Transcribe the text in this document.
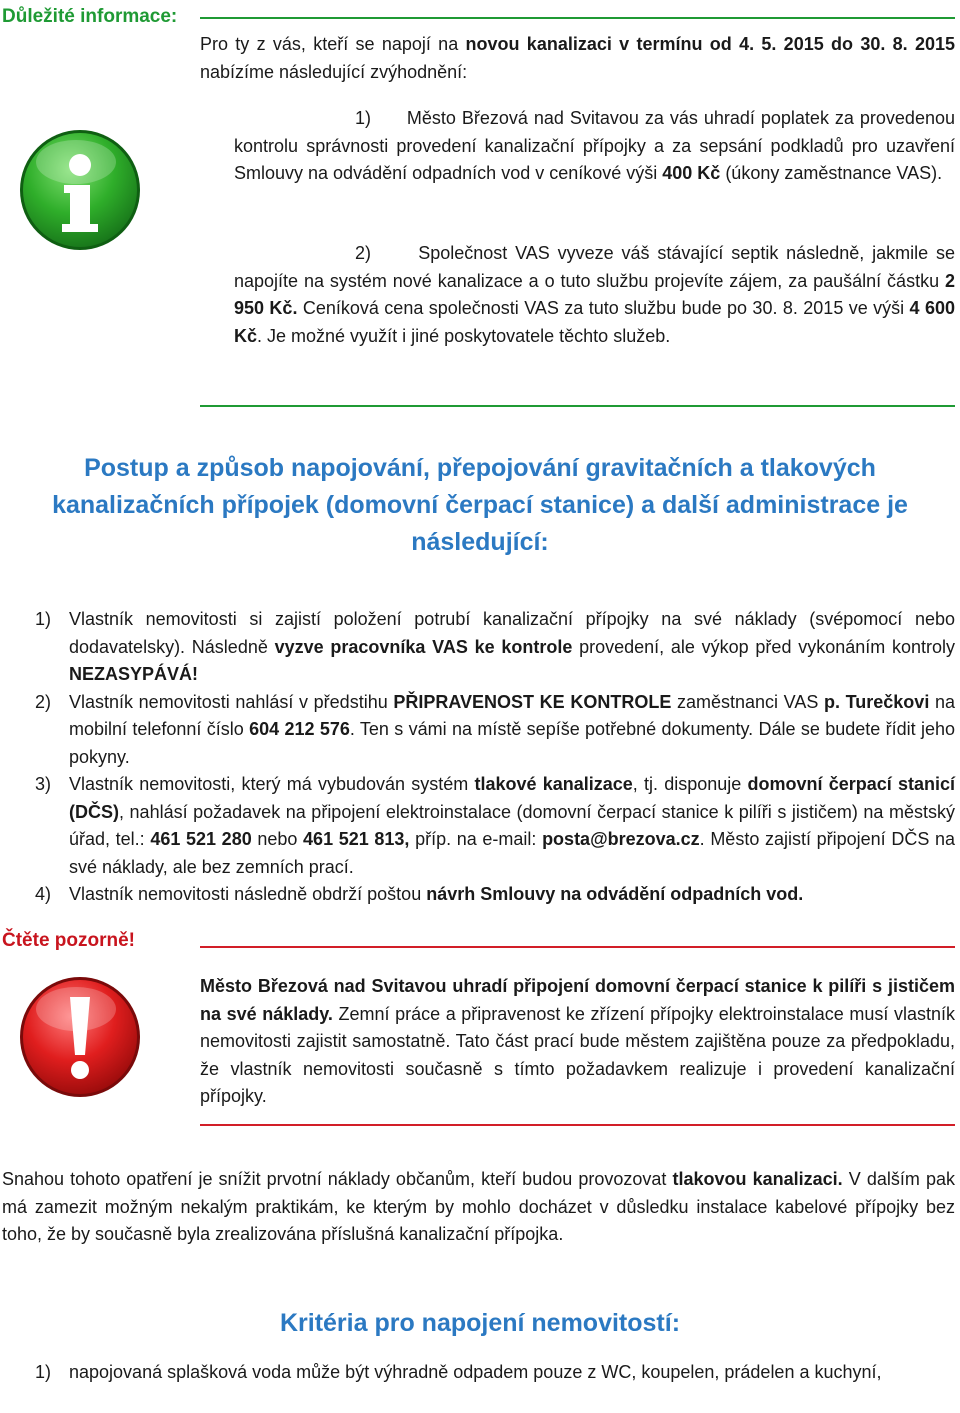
Důležité informace:
Pro ty z vás, kteří se napojí na novou kanalizaci v termínu od 4. 5. 2015 do 30. 8. 2015 nabízíme následující zvýhodnění:
1) Město Březová nad Svitavou za vás uhradí poplatek za provedenou kontrolu správnosti provedení kanalizační přípojky a za sepsání podkladů pro uzavření Smlouvy na odvádění odpadních vod v ceníkové výši 400 Kč (úkony zaměstnance VAS).
2)	Společnost VAS vyveze váš stávající septik následně, jakmile se napojíte na systém nové kanalizace a o tuto službu projevíte zájem, za paušální částku 2 950 Kč. Ceníková cena společnosti VAS za tuto službu bude po 30. 8. 2015 ve výši 4 600 Kč. Je možné využít i jiné poskytovatele těchto služeb.
Postup a způsob napojování, přepojování gravitačních a tlakových kanalizačních přípojek (domovní čerpací stanice) a další administrace je následující:
1) Vlastník nemovitosti si zajistí položení potrubí kanalizační přípojky na své náklady (svépomocí nebo dodavatelsky). Následně vyzve pracovníka VAS ke kontrole provedení, ale výkop před vykonáním kontroly NEZASYPÁVÁ!
2) Vlastník nemovitosti nahlásí v předstihu PŘIPRAVENOST KE KONTROLE zaměstnanci VAS p. Turečkovi na mobilní telefonní číslo 604 212 576. Ten s vámi na místě sepíše potřebné dokumenty. Dále se budete řídit jeho pokyny.
3) Vlastník nemovitosti, který má vybudován systém tlakové kanalizace, tj. disponuje domovní čerpací stanicí (DČS), nahlásí požadavek na připojení elektroinstalace (domovní čerpací stanice k pilíři s jističem) na městský úřad, tel.: 461 521 280 nebo 461 521 813, příp. na e-mail: posta@brezova.cz. Město zajistí připojení DČS na své náklady, ale bez zemních prací.
4) Vlastník nemovitosti následně obdrží poštou návrh Smlouvy na odvádění odpadních vod.
Čtěte pozorně!
Město Březová nad Svitavou uhradí připojení domovní čerpací stanice k pilíři s jističem na své náklady. Zemní práce a připravenost ke zřízení přípojky elektroinstalace musí vlastník nemovitosti zajistit samostatně. Tato část prací bude městem zajištěna pouze za předpokladu, že vlastník nemovitosti současně s tímto požadavkem realizuje i provedení kanalizační přípojky.
Snahou tohoto opatření je snížit prvotní náklady občanům, kteří budou provozovat tlakovou kanalizaci. V dalším pak má zamezit možným nekalým praktikám, ke kterým by mohlo docházet v důsledku instalace kabelové přípojky bez toho, že by současně byla zrealizována příslušná kanalizační přípojka.
Kritéria pro napojení nemovitostí:
1) napojovaná splašková voda může být výhradně odpadem pouze z WC, koupelen, prádelen a kuchyní,
